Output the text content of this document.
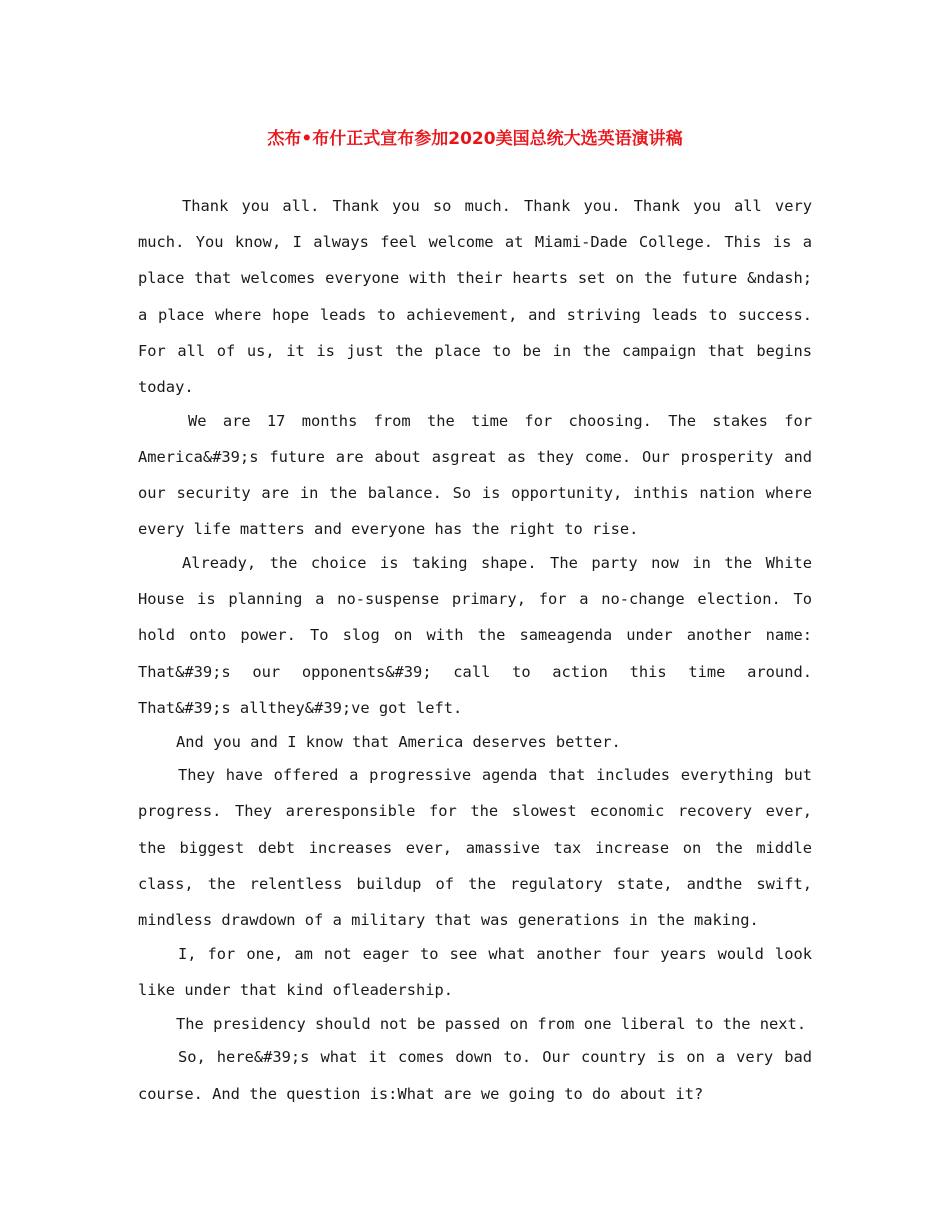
杰布•布什正式宣布参加2020美国总统大选英语演讲稿

Thank you all. Thank you so much. Thank you. Thank you all very much. You know, I always feel welcome at Miami-Dade College. This is a place that welcomes everyone with their hearts set on the future &ndash; a place where hope leads to achievement, and striving leads to success. For all of us, it is just the place to be in the campaign that begins today.

We are 17 months from the time for choosing. The stakes for America&#39;s future are about asgreat as they come. Our prosperity and our security are in the balance. So is opportunity, inthis nation where every life matters and everyone has the right to rise.

Already, the choice is taking shape. The party now in the White House is planning a no-suspense primary, for a no-change election. To hold onto power. To slog on with the sameagenda under another name: That&#39;s our opponents&#39; call to action this time around. That&#39;s allthey&#39;ve got left.

And you and I know that America deserves better.

They have offered a progressive agenda that includes everything but progress. They areresponsible for the slowest economic recovery ever, the biggest debt increases ever, amassive tax increase on the middle class, the relentless buildup of the regulatory state, andthe swift, mindless drawdown of a military that was generations in the making.

I, for one, am not eager to see what another four years would look like under that kind ofleadership.

The presidency should not be passed on from one liberal to the next.

So, here&#39;s what it comes down to. Our country is on a very bad course. And the question is:What are we going to do about it?
